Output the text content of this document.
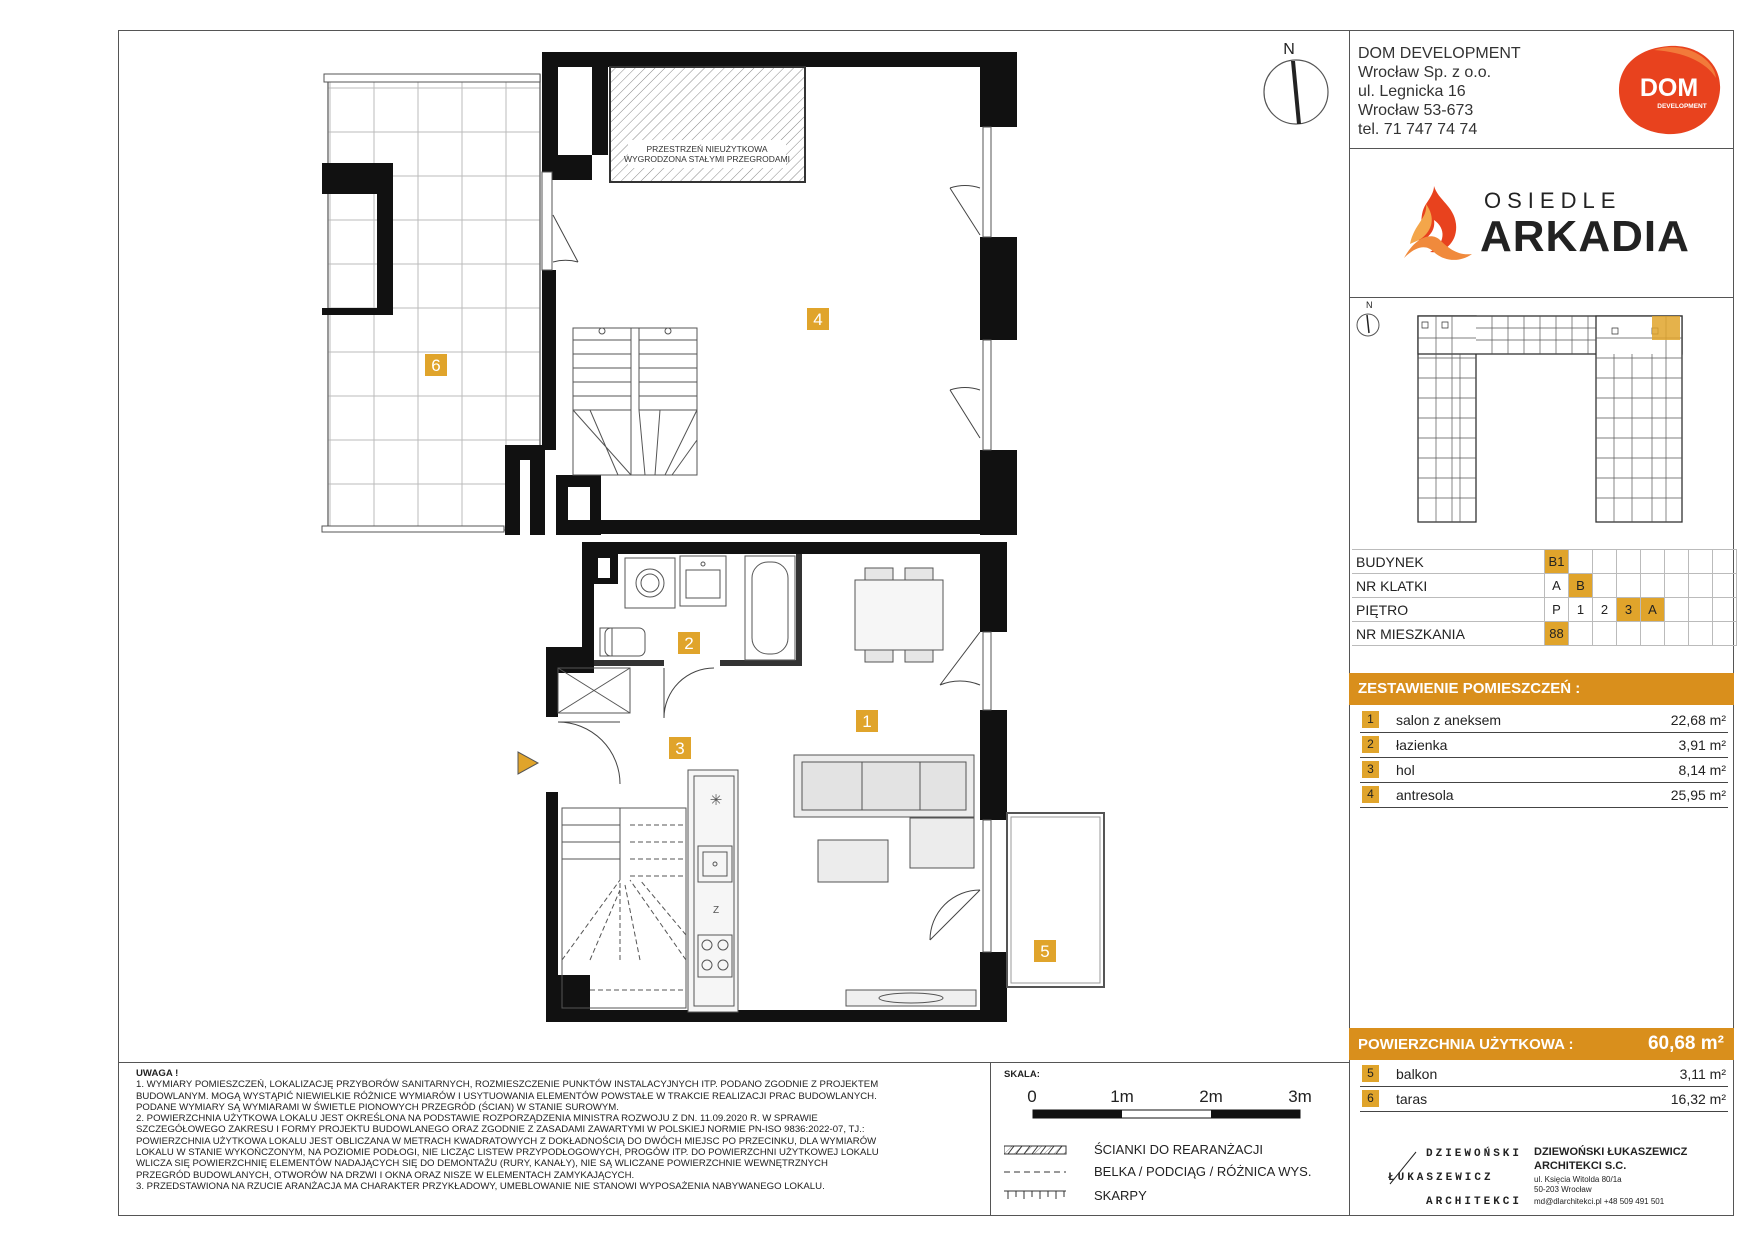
PRZESTRZEŃ NIEUŻYTKOWA
WYGRODZONA STAŁYMI PRZEGRODAMI
✳
Z
N
1
2
3
4
5
6
DOM DEVELOPMENT
Wrocław Sp. z o.o.
ul. Legnicka 16
Wrocław 53-673
tel. 71 747 74 74
DOM
DEVELOPMENT
OSIEDLE
ARKADIA
N
BUDYNEK	B1							
NR KLATKI	A	B						
PIĘTRO	P	1	2	3	A			
NR MIESZKANIA	88							
ZESTAWIENIE POMIESZCZEŃ :
1	salon z aneksem	22,68 m²
2	łazienka	3,91 m²
3	hol	8,14 m²
4	antresola	25,95 m²
POWIERZCHNIA UŻYTKOWA :	60,68 m²
5	balkon	3,11 m²
6	taras	16,32 m²
UWAGA !
1. WYMIARY POMIESZCZEŃ, LOKALIZACJĘ PRZYBORÓW SANITARNYCH, ROZMIESZCZENIE PUNKTÓW INSTALACYJNYCH ITP. PODANO ZGODNIE Z PROJEKTEM
BUDOWLANYM. MOGĄ WYSTĄPIĆ NIEWIELKIE RÓŻNICE WYMIARÓW I USYTUOWANIA ELEMENTÓW POWSTAŁE W TRAKCIE REALIZACJI PRAC BUDOWLANYCH.
PODANE WYMIARY SĄ WYMIARAMI W ŚWIETLE PIONOWYCH PRZEGRÓD (ŚCIAN) W STANIE SUROWYM.
2. POWIERZCHNIA UŻYTKOWA LOKALU JEST OKREŚLONA NA PODSTAWIE ROZPORZĄDZENIA MINISTRA ROZWOJU Z DN. 11.09.2020 R. W SPRAWIE
SZCZEGÓŁOWEGO ZAKRESU I FORMY PROJEKTU BUDOWLANEGO ORAZ ZGODNIE Z ZASADAMI ZAWARTYMI W POLSKIEJ NORMIE PN-ISO 9836:2022-07, TJ.:
POWIERZCHNIA UŻYTKOWA LOKALU JEST OBLICZANA W METRACH KWADRATOWYCH Z DOKŁADNOŚCIĄ DO DWÓCH MIEJSC PO PRZECINKU, DLA WYMIARÓW
LOKALU W STANIE WYKOŃCZONYM, NA POZIOMIE PODŁOGI, NIE LICZĄC LISTEW PRZYPODŁOGOWYCH, PROGÓW ITP. DO POWIERZCHNI UŻYTKOWEJ LOKALU
WLICZA SIĘ POWIERZCHNIĘ ELEMENTÓW NADAJĄCYCH SIĘ DO DEMONTAŻU (RURY, KANAŁY), NIE SĄ WLICZANE POWIERZCHNIE WEWNĘTRZNYCH
PRZEGRÓD BUDOWLANYCH, OTWORÓW NA DRZWI I OKNA ORAZ NISZE W ELEMENTACH ZAMYKAJĄCYCH.
3. PRZEDSTAWIONA NA RZUCIE ARANŻACJA MA CHARAKTER PRZYKŁADOWY, UMEBLOWANIE NIE STANOWI WYPOSAŻENIA NABYWANEGO LOKALU.
SKALA:
0	1m	2m	3m
ŚCIANKI DO REARANŻACJI
BELKA / PODCIĄG / RÓŻNICA WYS.
SKARPY
DZIEWOŃSKI
ŁUKASZEWICZ
ARCHITEKCI
DZIEWOŃSKI ŁUKASZEWICZ
ARCHITEKCI S.C.
ul. Księcia Witolda 80/1a
50-203 Wrocław
md@dlarchitekci.pl +48 509 491 501
